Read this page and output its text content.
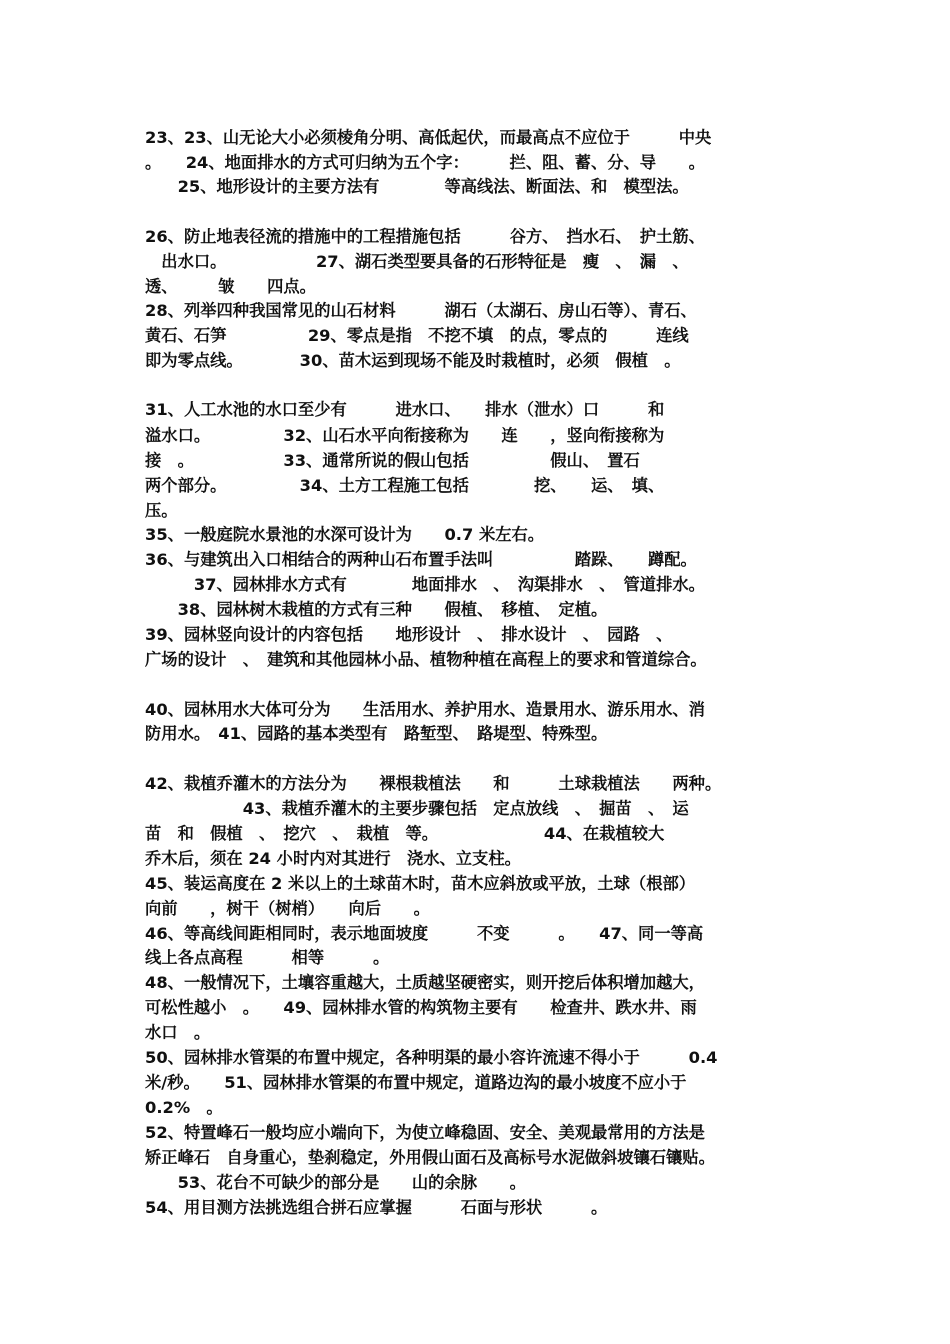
23、23、山无论大小必须棱角分明、高低起伏，而最高点不应位于　　　中央
。　　24、地面排水的方式可归纳为五个字：　　　拦、阻、蓄、分、导　　。
　　25、地形设计的主要方法有　　　　等高线法、断面法、和　模型法。
26、防止地表径流的措施中的工程措施包括　　　谷方、　挡水石、　护土筋、
　出水口。　　　　　　27、湖石类型要具备的石形特征是　瘦　、　漏　、
透、　　　皱　　四点。
28、列举四种我国常见的山石材料　　　湖石（太湖石、房山石等）、青石、
黄石、石笋　　　　　29、零点是指　不挖不填　的点，零点的　　　连线
即为零点线。　　　　30、苗木运到现场不能及时栽植时，必须　假植　。
31、人工水池的水口至少有　　　进水口、　　排水（泄水）口　　　和
溢水口。　　　　　32、山石水平向衔接称为　　连　　，竖向衔接称为
接　。　　　　　　33、通常所说的假山包括　　　　　假山、　置石
两个部分。　　　　　34、土方工程施工包括　　　　挖、　　运、　填、
压。
35、一般庭院水景池的水深可设计为　　0.7 米左右。
36、与建筑出入口相结合的两种山石布置手法叫　　　　　踏跺、　　蹲配。
　　　37、园林排水方式有　　　　地面排水　、　沟渠排水　、　管道排水。
　　38、园林树木栽植的方式有三种　　假植、　移植、　定植。
39、园林竖向设计的内容包括　　地形设计　、　排水设计　、　园路　、
广场的设计　、　建筑和其他园林小品、植物种植在高程上的要求和管道综合。
40、园林用水大体可分为　　生活用水、养护用水、造景用水、游乐用水、消
防用水。　41、园路的基本类型有　路堑型、　路堤型、特殊型。
42、栽植乔灌木的方法分为　　裸根栽植法　　和　　　土球栽植法　　两种。
　　　　　　43、栽植乔灌木的主要步骤包括　定点放线　、　掘苗　、　运
苗　和　假植　、　挖穴　、　栽植　等。　　　　　　　44、在栽植较大
乔木后，须在 24 小时内对其进行　浇水、立支柱。
45、装运高度在 2 米以上的土球苗木时，苗木应斜放或平放，土球（根部）
向前　　，树干（树梢）　　向后　　。
46、等高线间距相同时，表示地面坡度　　　不变　　　。　　47、同一等高
线上各点高程　　　相等　　　。
48、一般情况下，土壤容重越大，土质越坚硬密实，则开挖后体积增加越大，
可松性越小　。　　49、园林排水管的构筑物主要有　　检查井、跌水井、雨
水口　。
50、园林排水管渠的布置中规定，各种明渠的最小容许流速不得小于　　　0.4
米/秒。　　51、园林排水管渠的布置中规定，道路边沟的最小坡度不应小于
0.2%　。
52、特置峰石一般均应小端向下，为使立峰稳固、安全、美观最常用的方法是
矫正峰石　自身重心，垫刹稳定，外用假山面石及高标号水泥做斜坡镶石镶贴。
　　53、花台不可缺少的部分是　　山的余脉　　。
54、用目测方法挑选组合拼石应掌握　　　石面与形状　　　。
